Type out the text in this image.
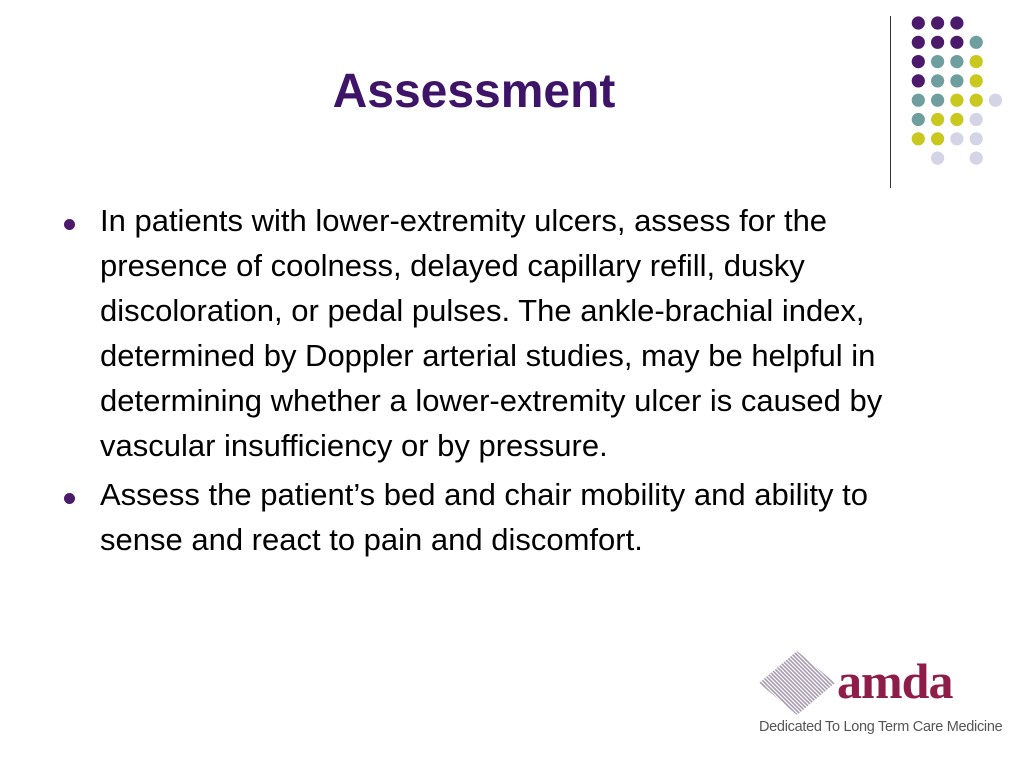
Assessment
In patients with lower-extremity ulcers, assess for the presence of coolness, delayed capillary refill, dusky discoloration, or pedal pulses. The ankle-brachial index, determined by Doppler arterial studies, may be helpful in determining whether a lower-extremity ulcer is caused by vascular insufficiency or by pressure.
Assess the patient’s bed and chair mobility and ability to sense and react to pain and discomfort.
amda
Dedicated To Long Term Care Medicine
